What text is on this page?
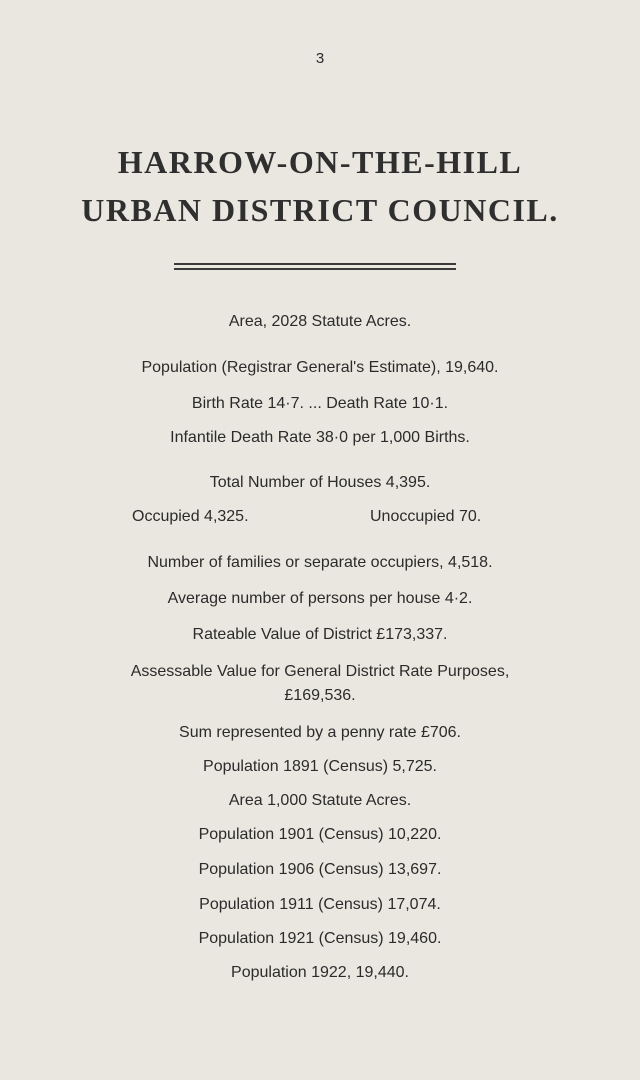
3
HARROW-ON-THE-HILL
URBAN DISTRICT COUNCIL.
Area, 2028 Statute Acres.
Population (Registrar General's Estimate), 19,640.
Birth Rate 14·7. ... Death Rate 10·1.
Infantile Death Rate 38·0 per 1,000 Births.
Total Number of Houses 4,395.
Occupied 4,325.	Unoccupied 70.
Number of families or separate occupiers, 4,518.
Average number of persons per house 4·2.
Rateable Value of District £173,337.
Assessable Value for General District Rate Purposes,
£169,536.
Sum represented by a penny rate £706.
Population 1891 (Census) 5,725.
Area 1,000 Statute Acres.
Population 1901 (Census) 10,220.
Population 1906 (Census) 13,697.
Population 1911 (Census) 17,074.
Population 1921 (Census) 19,460.
Population 1922, 19,440.
